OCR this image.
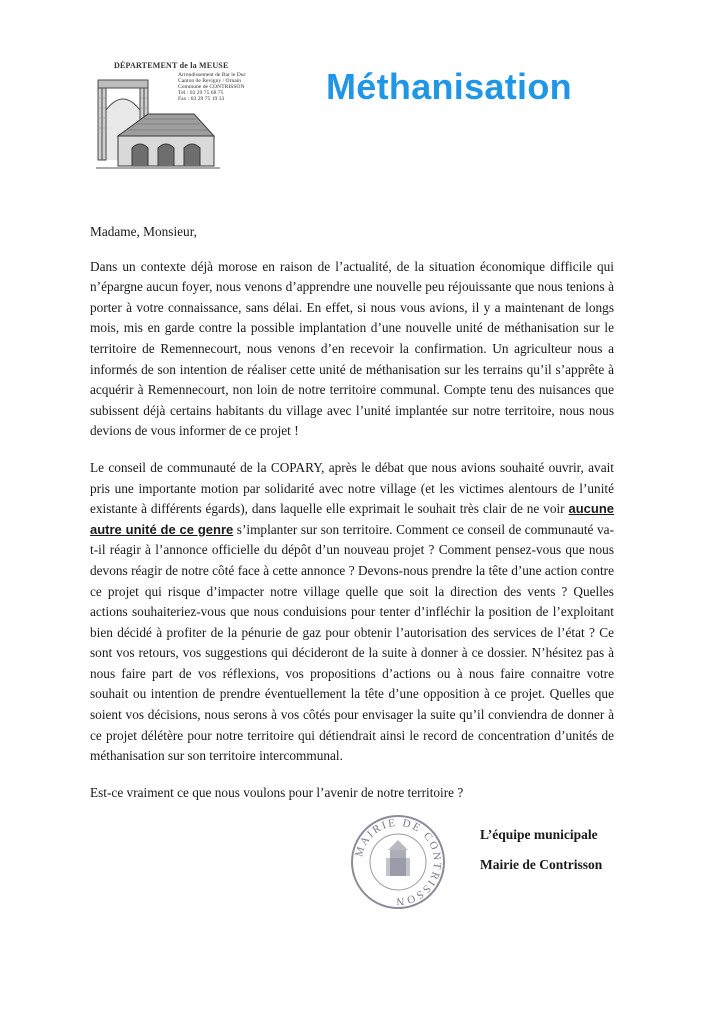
DÉPARTEMENT de la MEUSE
Arrondissement de Bar le Duc
Canton de Revigny / Ornain
Commune de CONTRISSON
Tél : 03 29 75 68 75
Fax : 03 29 75 19 33	Méthanisation

Madame, Monsieur,

Dans un contexte déjà morose en raison de l’actualité, de la situation économique difficile qui n’épargne aucun foyer, nous venons d’apprendre une nouvelle peu réjouissante que nous tenions à porter à votre connaissance, sans délai. En effet, si nous vous avions, il y a maintenant de longs mois, mis en garde contre la possible implantation d’une nouvelle unité de méthanisation sur le territoire de Remennecourt, nous venons d’en recevoir la confirmation. Un agriculteur nous a informés de son intention de réaliser cette unité de méthanisation sur les terrains qu’il s’apprête à acquérir à Remennecourt, non loin de notre territoire communal. Compte tenu des nuisances que subissent déjà certains habitants du village avec l’unité implantée sur notre territoire, nous nous devions de vous informer de ce projet !

Le conseil de communauté de la COPARY, après le débat que nous avions souhaité ouvrir, avait pris une importante motion par solidarité avec notre village (et les victimes alentours de l’unité existante à différents égards), dans laquelle elle exprimait le souhait très clair de ne voir aucune autre unité de ce genre s’implanter sur son territoire. Comment ce conseil de communauté va-t-il réagir à l’annonce officielle du dépôt d’un nouveau projet ? Comment pensez-vous que nous devons réagir de notre côté face à cette annonce ? Devons-nous prendre la tête d’une action contre ce projet qui risque d’impacter notre village quelle que soit la direction des vents ? Quelles actions souhaiteriez-vous que nous conduisions pour tenter d’infléchir la position de l’exploitant bien décidé à profiter de la pénurie de gaz pour obtenir l’autorisation des services de l’état ? Ce sont vos retours, vos suggestions qui décideront de la suite à donner à ce dossier. N’hésitez pas à nous faire part de vos réflexions, vos propositions d’actions ou à nous faire connaitre votre souhait ou intention de prendre éventuellement la tête d’une opposition à ce projet. Quelles que soient vos décisions, nous serons à vos côtés pour envisager la suite qu’il conviendra de donner à ce projet délétère pour notre territoire qui détiendrait ainsi le record de concentration d’unités de méthanisation sur son territoire intercommunal.

Est-ce vraiment ce que nous voulons pour l’avenir de notre territoire ?

MAIRIE DE CONTRISSON
L’équipe municipale
Mairie de Contrisson
